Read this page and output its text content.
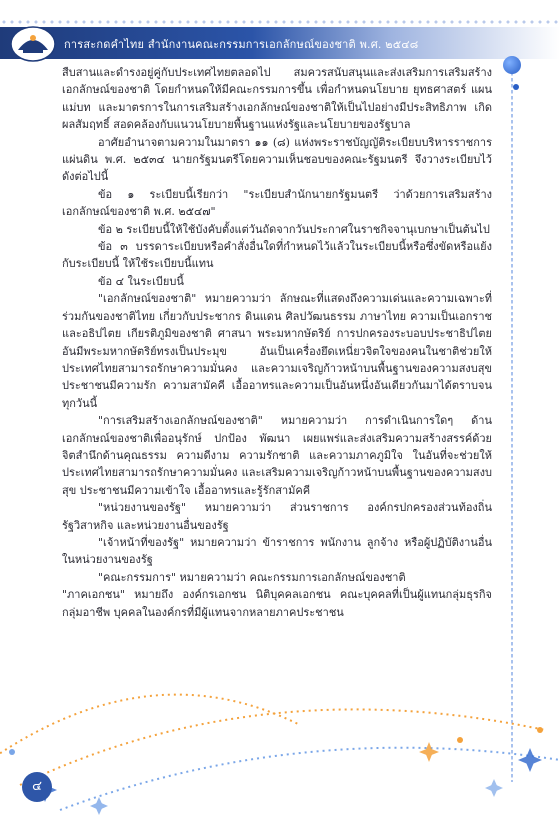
การสะกดคำไทย สำนักงานคณะกรรมการเอกลักษณ์ของชาติ พ.ศ. ๒๕๔๘

สืบสานและดำรงอยู่คู่กับประเทศไทยตลอดไป สมควรสนับสนุนและส่งเสริมการเสริมสร้างเอกลักษณ์ของชาติ โดยกำหนดให้มีคณะกรรมการขึ้น เพื่อกำหนดนโยบาย ยุทธศาสตร์ แผนแม่บท และมาตรการในการเสริมสร้างเอกลักษณ์ของชาติให้เป็นไปอย่างมีประสิทธิภาพ เกิดผลสัมฤทธิ์ สอดคล้องกับแนวนโยบายพื้นฐานแห่งรัฐและนโยบายของรัฐบาล

อาศัยอำนาจตามความในมาตรา ๑๑ (๘) แห่งพระราชบัญญัติระเบียบบริหารราชการแผ่นดิน พ.ศ. ๒๕๓๔ นายกรัฐมนตรีโดยความเห็นชอบของคณะรัฐมนตรี จึงวางระเบียบไว้ ดังต่อไปนี้

ข้อ ๑ ระเบียบนี้เรียกว่า "ระเบียบสำนักนายกรัฐมนตรี ว่าด้วยการเสริมสร้างเอกลักษณ์ของชาติ พ.ศ. ๒๕๔๗"

ข้อ ๒ ระเบียบนี้ให้ใช้บังคับตั้งแต่วันถัดจากวันประกาศในราชกิจจานุเบกษาเป็นต้นไป

ข้อ ๓ บรรดาระเบียบหรือคำสั่งอื่นใดที่กำหนดไว้แล้วในระเบียบนี้หรือซึ่งขัดหรือแย้งกับระเบียบนี้ ให้ใช้ระเบียบนี้แทน

ข้อ ๔ ในระเบียบนี้

"เอกลักษณ์ของชาติ" หมายความว่า ลักษณะที่แสดงถึงความเด่นและความเฉพาะที่ร่วมกันของชาติไทย เกี่ยวกับประชากร ดินแดน ศิลปวัฒนธรรม ภาษาไทย ความเป็นเอกราชและอธิปไตย เกียรติภูมิของชาติ ศาสนา พระมหากษัตริย์ การปกครองระบอบประชาธิปไตยอันมีพระมหากษัตริย์ทรงเป็นประมุข อันเป็นเครื่องยึดเหนี่ยวจิตใจของคนในชาติช่วยให้ประเทศไทยสามารถรักษาความมั่นคง และความเจริญก้าวหน้าบนพื้นฐานของความสงบสุข ประชาชนมีความรัก ความสามัคคี เอื้ออาทรและความเป็นอันหนึ่งอันเดียวกันมาได้ตราบจนทุกวันนี้

"การเสริมสร้างเอกลักษณ์ของชาติ" หมายความว่า การดำเนินการใดๆ ด้านเอกลักษณ์ของชาติเพื่ออนุรักษ์ ปกป้อง พัฒนา เผยแพร่และส่งเสริมความสร้างสรรค์ด้วยจิตสำนึกด้านคุณธรรม ความดีงาม ความรักชาติ และความภาคภูมิใจ ในอันที่จะช่วยให้ประเทศไทยสามารถรักษาความมั่นคง และเสริมความเจริญก้าวหน้าบนพื้นฐานของความสงบสุข ประชาชนมีความเข้าใจ เอื้ออาทรและรู้รักสามัคคี

"หน่วยงานของรัฐ" หมายความว่า ส่วนราชการ องค์กรปกครองส่วนท้องถิ่น รัฐวิสาหกิจ และหน่วยงานอื่นของรัฐ

"เจ้าหน้าที่ของรัฐ" หมายความว่า ข้าราชการ พนักงาน ลูกจ้าง หรือผู้ปฏิบัติงานอื่นในหน่วยงานของรัฐ

"คณะกรรมการ" หมายความว่า คณะกรรมการเอกลักษณ์ของชาติ

"ภาคเอกชน" หมายถึง องค์กรเอกชน นิติบุคคลเอกชน คณะบุคคลที่เป็นผู้แทนกลุ่มธุรกิจ กลุ่มอาชีพ บุคคลในองค์กรที่มีผู้แทนจากหลายภาคประชาชน

๔
